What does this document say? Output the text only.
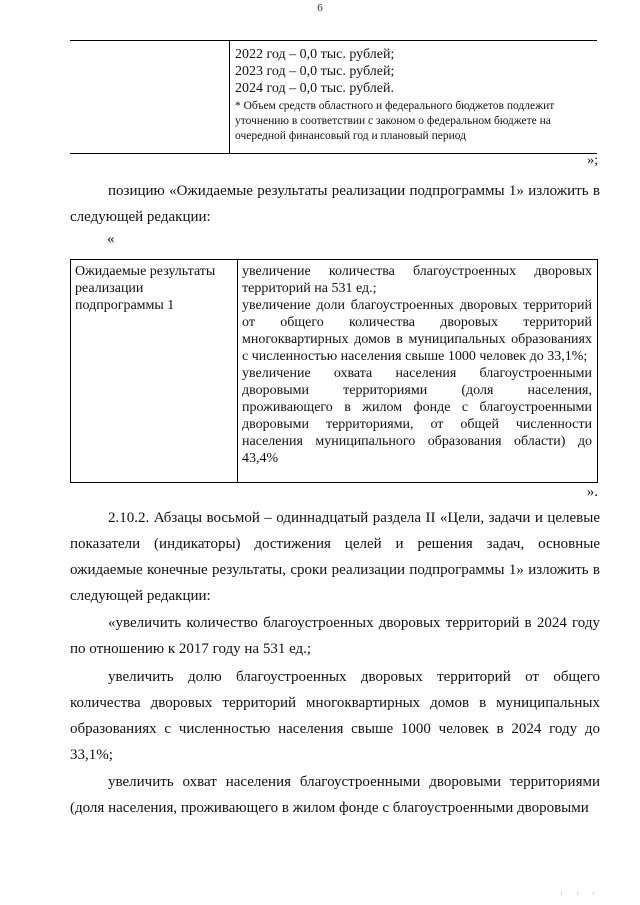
6
2022 год – 0,0 тыс. рублей;
2023 год – 0,0 тыс. рублей;
2024 год – 0,0 тыс. рублей.
* Объем средств областного и федерального бюджетов подлежит уточнению в соответствии с законом о федеральном бюджете на очередной финансовый год и плановый период
»;
позицию «Ожидаемые результаты реализации подпрограммы 1» изложить в следующей редакции:
«
Ожидаемые результаты реализации подпрограммы 1
увеличение количества благоустроенных дворовых территорий на 531 ед.;
увеличение доли благоустроенных дворовых территорий от общего количества дворовых территорий многоквартирных домов в муниципальных образованиях с численностью населения свыше 1000 человек до 33,1%;
увеличение охвата населения благоустроенными дворовыми территориями (доля населения, проживающего в жилом фонде с благоустроенными дворовыми территориями, от общей численности населения муниципального образования области) до 43,4%
».
2.10.2. Абзацы восьмой – одиннадцатый раздела II «Цели, задачи и целевые показатели (индикаторы) достижения целей и решения задач, основные ожидаемые конечные результаты, сроки реализации подпрограммы 1» изложить в следующей редакции:
«увеличить количество благоустроенных дворовых территорий в 2024 году по отношению к 2017 году на 531 ед.;
увеличить долю благоустроенных дворовых территорий от общего количества дворовых территорий многоквартирных домов в муниципальных образованиях с численностью населения свыше 1000 человек в 2024 году до 33,1%;
увеличить охват населения благоустроенными дворовыми территориями (доля населения, проживающего в жилом фонде с благоустроенными дворовыми
' ' '
